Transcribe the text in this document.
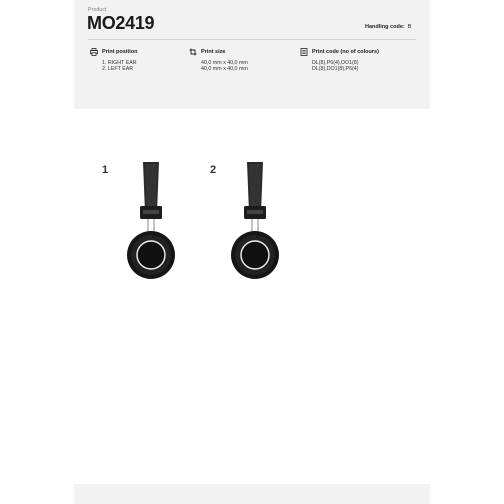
Product
MO2419	Handling code: B
Print position
1. RIGHT EAR
2. LEFT EAR
Print size
40,0 mm x 40,0 mm
40,0 mm x 40,0 mm
Print code (no of colours)
DL(8),P6(4),DO1(8)
DL(8),DO1(8),P6(4)
1	2
